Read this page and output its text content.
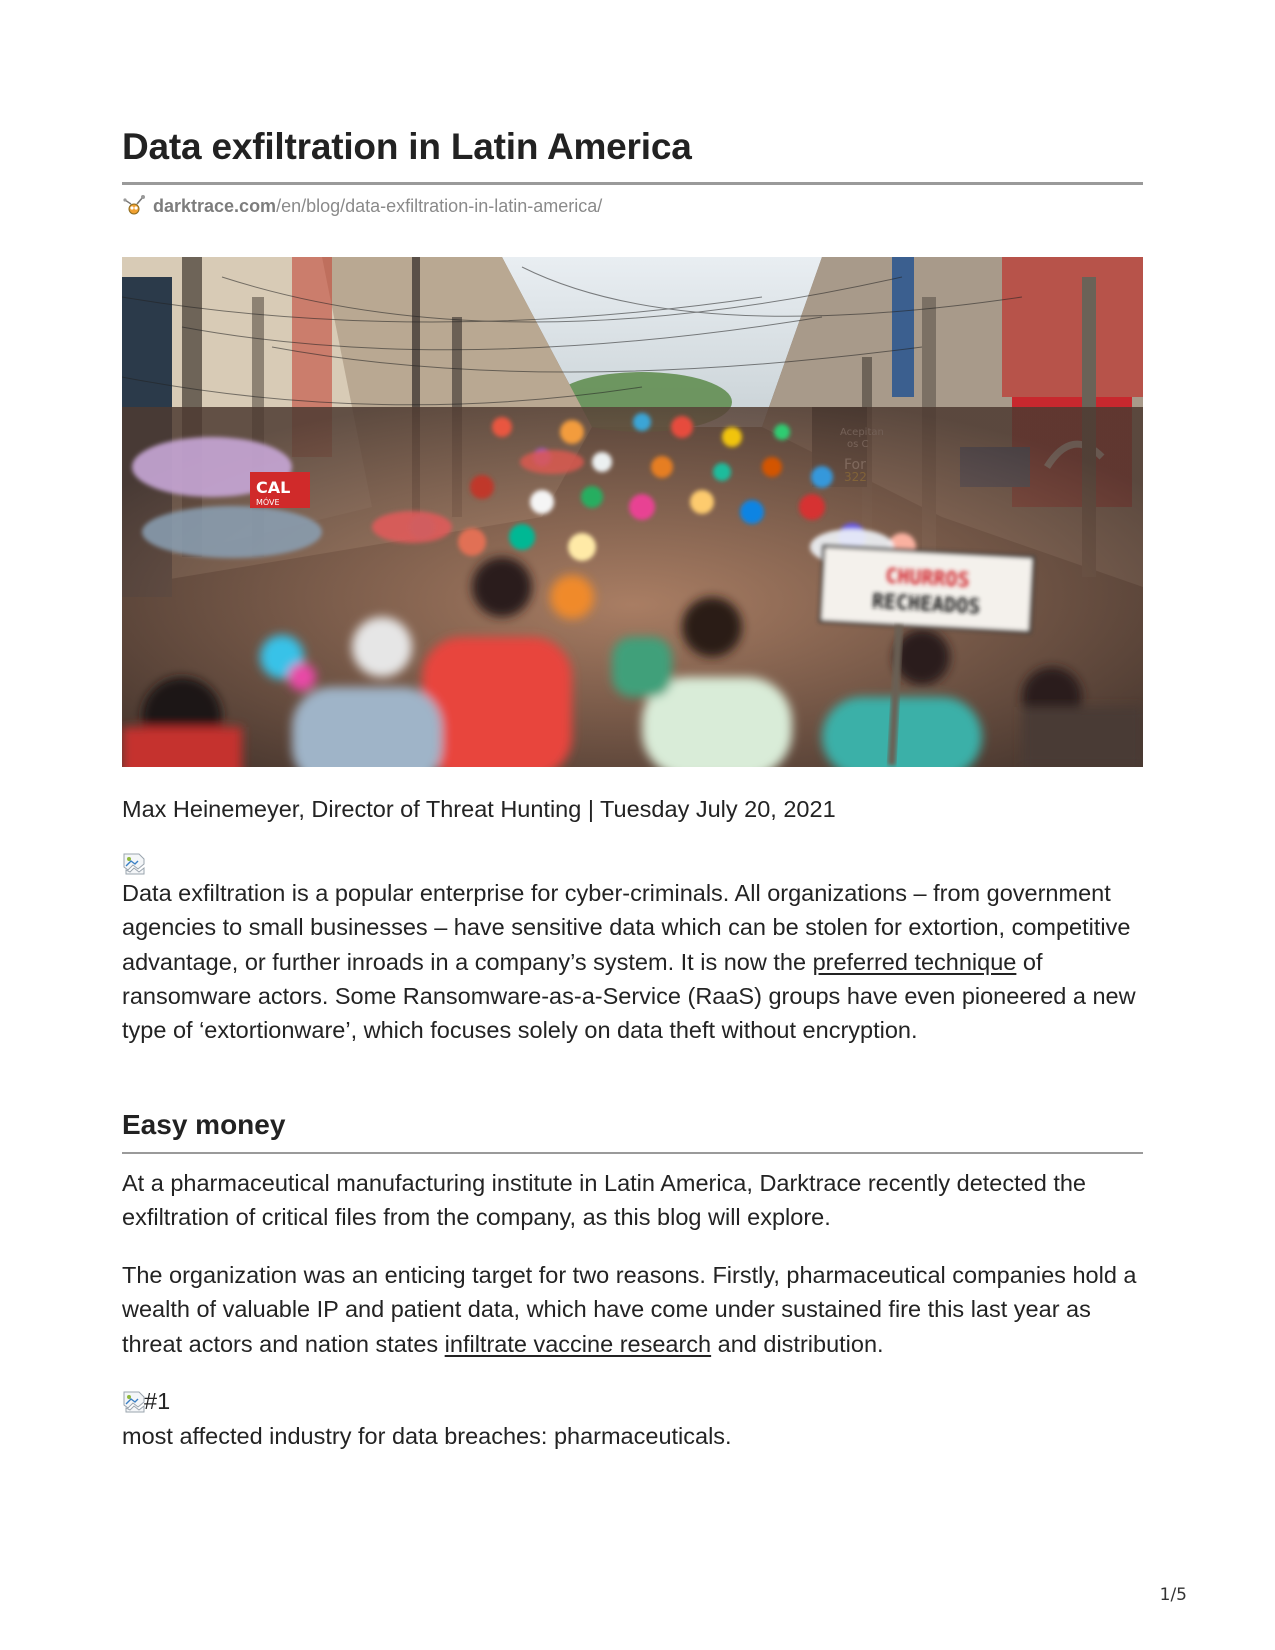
Data exfiltration in Latin America
darktrace.com /en/blog/data-exfiltration-in-latin-america/
CAL
MÓVE
CHURROS
RECHEADOS

Max Heinemeyer, Director of Threat Hunting | Tuesday July 20, 2021

Data exfiltration is a popular enterprise for cyber-criminals. All organizations – from government agencies to small businesses – have sensitive data which can be stolen for extortion, competitive advantage, or further inroads in a company’s system. It is now the preferred technique of ransomware actors. Some Ransomware-as-a-Service (RaaS) groups have even pioneered a new type of ‘extortionware’, which focuses solely on data theft without encryption.

Easy money

At a pharmaceutical manufacturing institute in Latin America, Darktrace recently detected the exfiltration of critical files from the company, as this blog will explore.

The organization was an enticing target for two reasons. Firstly, pharmaceutical companies hold a wealth of valuable IP and patient data, which have come under sustained fire this last year as threat actors and nation states infiltrate vaccine research and distribution.

#1

most affected industry for data breaches: pharmaceuticals.

1/5
